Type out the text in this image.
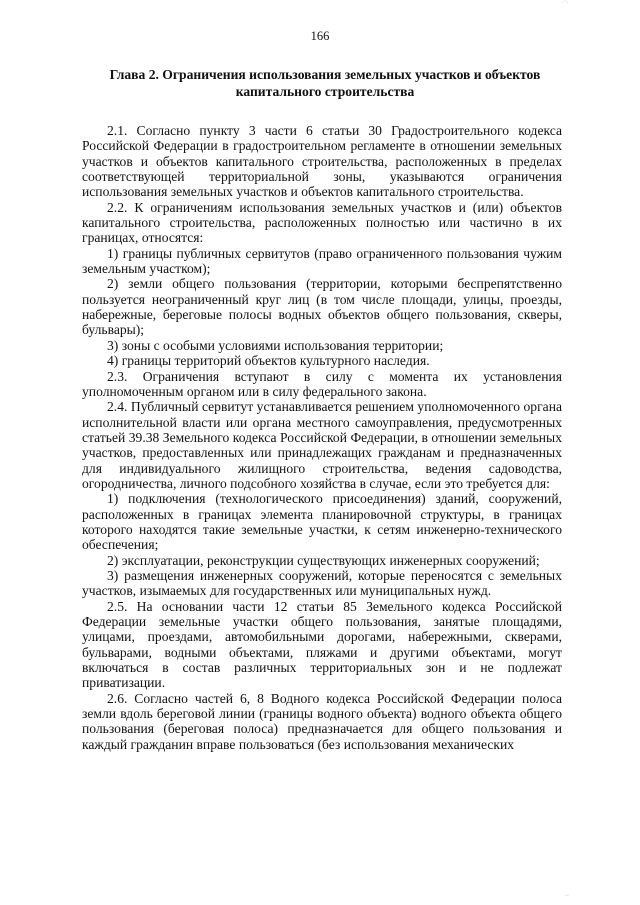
·˙·
166
Глава 2. Ограничения использования земельных участков и объектов
капитального строительства

2.1. Согласно пункту 3 части 6 статьи 30 Градостроительного кодекса Российской Федерации в градостроительном регламенте в отношении земельных участков и объектов капитального строительства, расположенных в пределах соответствующей территориальной зоны, указываются ограничения использования земельных участков и объектов капитального строительства.

2.2. К ограничениям использования земельных участков и (или) объектов капитального строительства, расположенных полностью или частично в их границах, относятся:

1) границы публичных сервитутов (право ограниченного пользования чужим земельным участком);

2) земли общего пользования (территории, которыми беспрепятственно пользуется неограниченный круг лиц (в том числе площади, улицы, проезды, набережные, береговые полосы водных объектов общего пользования, скверы, бульвары);

3) зоны с особыми условиями использования территории;

4) границы территорий объектов культурного наследия.

2.3. Ограничения вступают в силу с момента их установления уполномоченным органом или в силу федерального закона.

2.4. Публичный сервитут устанавливается решением уполномоченного органа исполнительной власти или органа местного самоуправления, предусмотренных статьей 39.38 Земельного кодекса Российской Федерации, в отношении земельных участков, предоставленных или принадлежащих гражданам и предназначенных для индивидуального жилищного строительства, ведения садоводства, огородничества, личного подсобного хозяйства в случае, если это требуется для:

1) подключения (технологического присоединения) зданий, сооружений, расположенных в границах элемента планировочной структуры, в границах которого находятся такие земельные участки, к сетям инженерно-технического обеспечения;

2) эксплуатации, реконструкции существующих инженерных сооружений;

3) размещения инженерных сооружений, которые переносятся с земельных участков, изымаемых для государственных или муниципальных нужд.

2.5. На основании части 12 статьи 85 Земельного кодекса Российской Федерации земельные участки общего пользования, занятые площадями, улицами, проездами, автомобильными дорогами, набережными, скверами, бульварами, водными объектами, пляжами и другими объектами, могут включаться в состав различных территориальных зон и не подлежат приватизации.

2.6. Согласно частей 6, 8 Водного кодекса Российской Федерации полоса земли вдоль береговой линии (границы водного объекта) водного объекта общего пользования (береговая полоса) предназначается для общего пользования и каждый гражданин вправе пользоваться (без использования механических

··
